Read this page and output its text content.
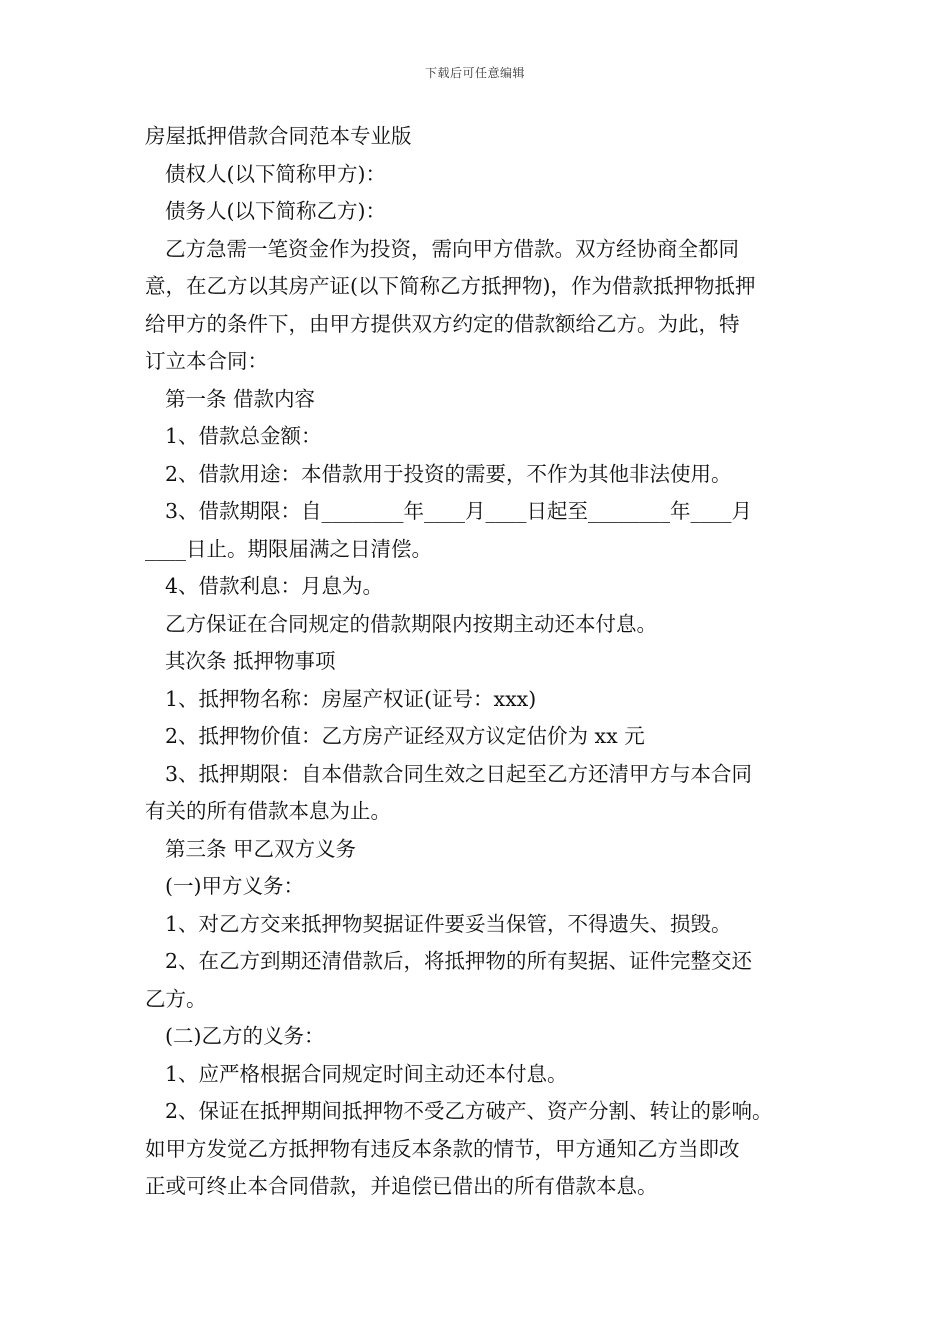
下载后可任意编辑
房屋抵押借款合同范本专业版
债权人(以下简称甲方)：
债务人(以下简称乙方)：
乙方急需一笔资金作为投资，需向甲方借款。双方经协商全都同
意，在乙方以其房产证(以下简称乙方抵押物)，作为借款抵押物抵押
给甲方的条件下，由甲方提供双方约定的借款额给乙方。为此，特
订立本合同：
第一条 借款内容
1、借款总金额：
2、借款用途：本借款用于投资的需要，不作为其他非法使用。
3、借款期限：自________年____月____日起至________年____月
____日止。期限届满之日清偿。
4、借款利息：月息为。
乙方保证在合同规定的借款期限内按期主动还本付息。
其次条 抵押物事项
1、抵押物名称：房屋产权证(证号：xxx)
2、抵押物价值：乙方房产证经双方议定估价为 xx 元
3、抵押期限：自本借款合同生效之日起至乙方还清甲方与本合同
有关的所有借款本息为止。
第三条 甲乙双方义务
(一)甲方义务：
1、对乙方交来抵押物契据证件要妥当保管，不得遗失、损毁。
2、在乙方到期还清借款后，将抵押物的所有契据、证件完整交还
乙方。
(二)乙方的义务：
1、应严格根据合同规定时间主动还本付息。
2、保证在抵押期间抵押物不受乙方破产、资产分割、转让的影响。
如甲方发觉乙方抵押物有违反本条款的情节，甲方通知乙方当即改
正或可终止本合同借款，并追偿已借出的所有借款本息。
